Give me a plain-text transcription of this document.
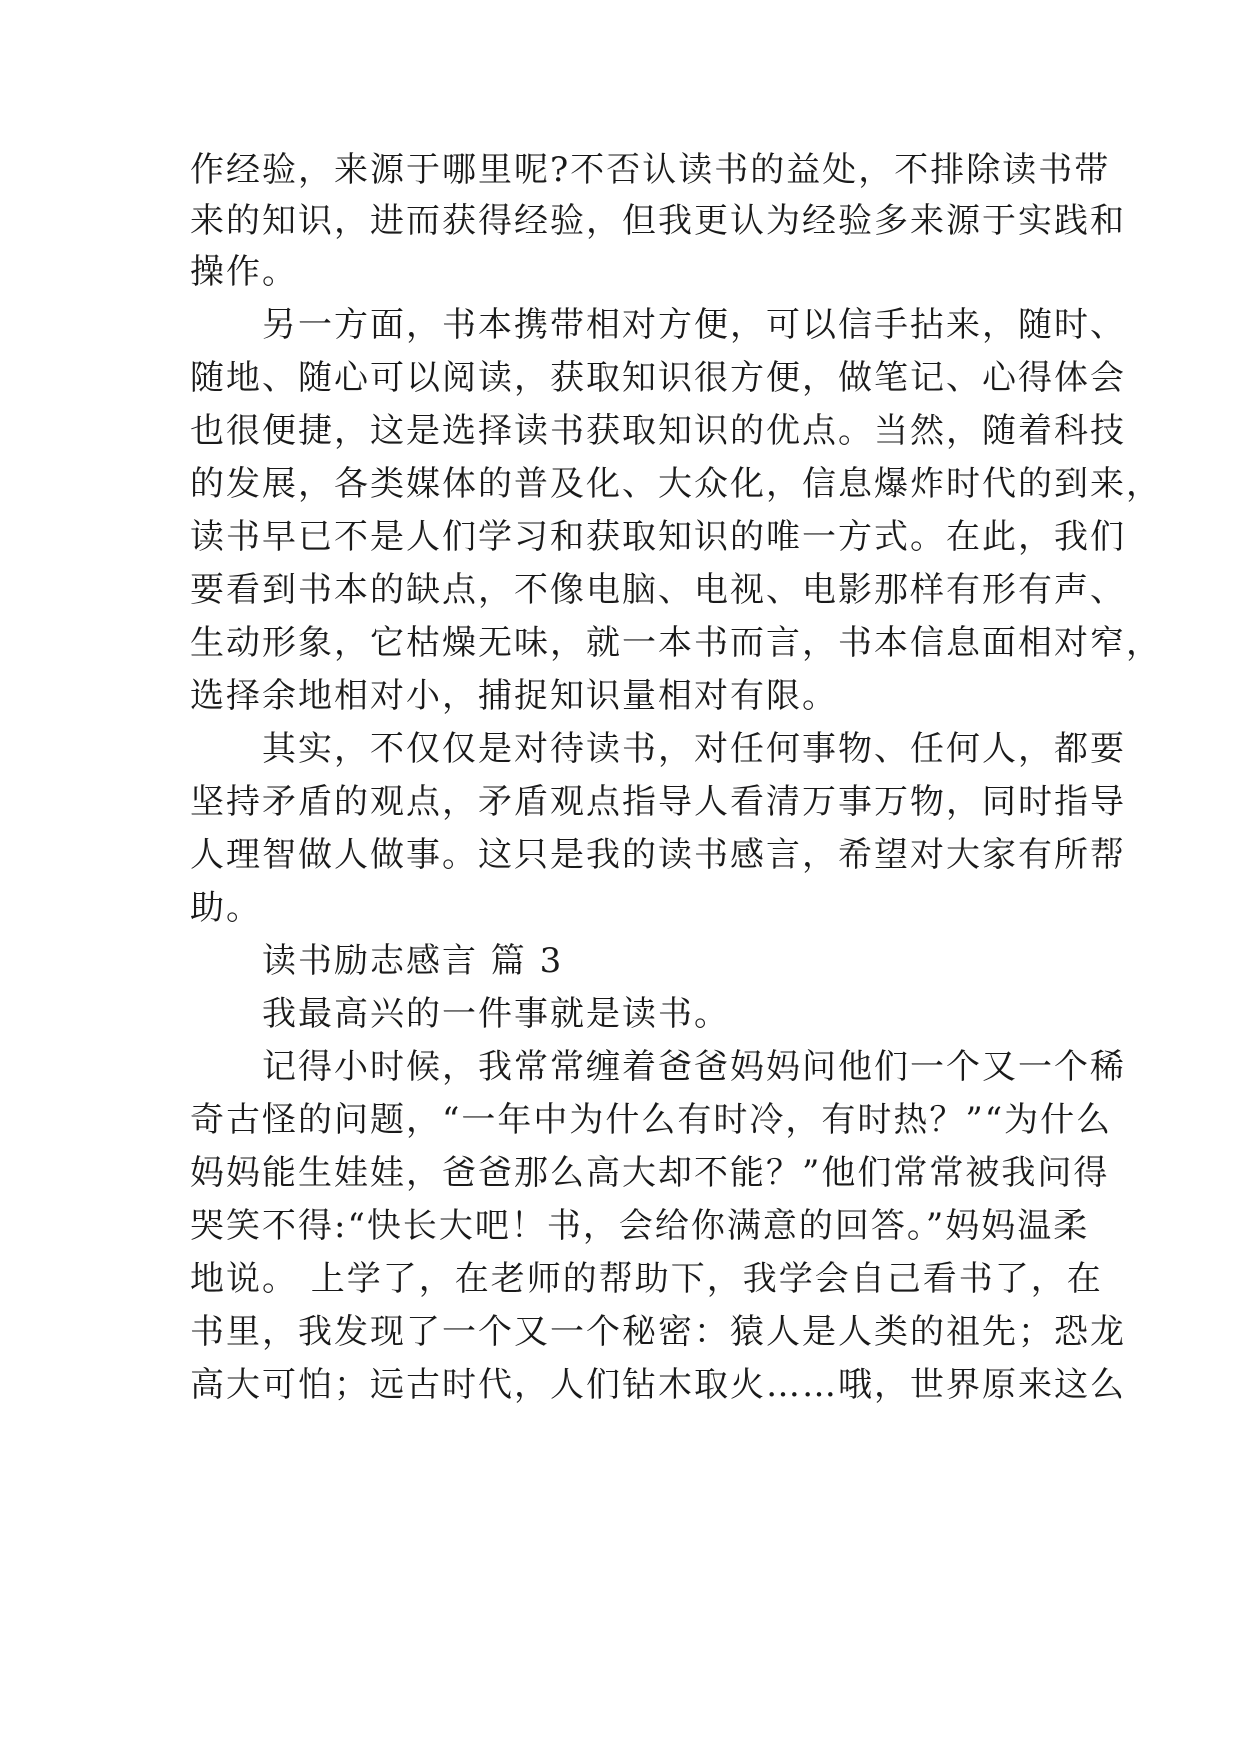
作经验，来源于哪里呢?不否认读书的益处，不排除读书带
来的知识，进而获得经验，但我更认为经验多来源于实践和
操作。
　　另一方面，书本携带相对方便，可以信手拈来，随时、
随地、随心可以阅读，获取知识很方便，做笔记、心得体会
也很便捷，这是选择读书获取知识的优点。当然，随着科技
的发展，各类媒体的普及化、大众化，信息爆炸时代的到来，
读书早已不是人们学习和获取知识的唯一方式。在此，我们
要看到书本的缺点，不像电脑、电视、电影那样有形有声、
生动形象，它枯燥无味，就一本书而言，书本信息面相对窄，
选择余地相对小，捕捉知识量相对有限。
　　其实，不仅仅是对待读书，对任何事物、任何人，都要
坚持矛盾的观点，矛盾观点指导人看清万事万物，同时指导
人理智做人做事。这只是我的读书感言，希望对大家有所帮
助。
　　读书励志感言 篇 3
　　我最高兴的一件事就是读书。
　　记得小时候，我常常缠着爸爸妈妈问他们一个又一个稀
奇古怪的问题，“一年中为什么有时冷，有时热？”“为什么
妈妈能生娃娃，爸爸那么高大却不能？”他们常常被我问得
哭笑不得:“快长大吧！书，会给你满意的回答。”妈妈温柔
地说。 上学了，在老师的帮助下，我学会自己看书了，在
书里，我发现了一个又一个秘密：猿人是人类的祖先；恐龙
高大可怕；远古时代，人们钻木取火……哦，世界原来这么
